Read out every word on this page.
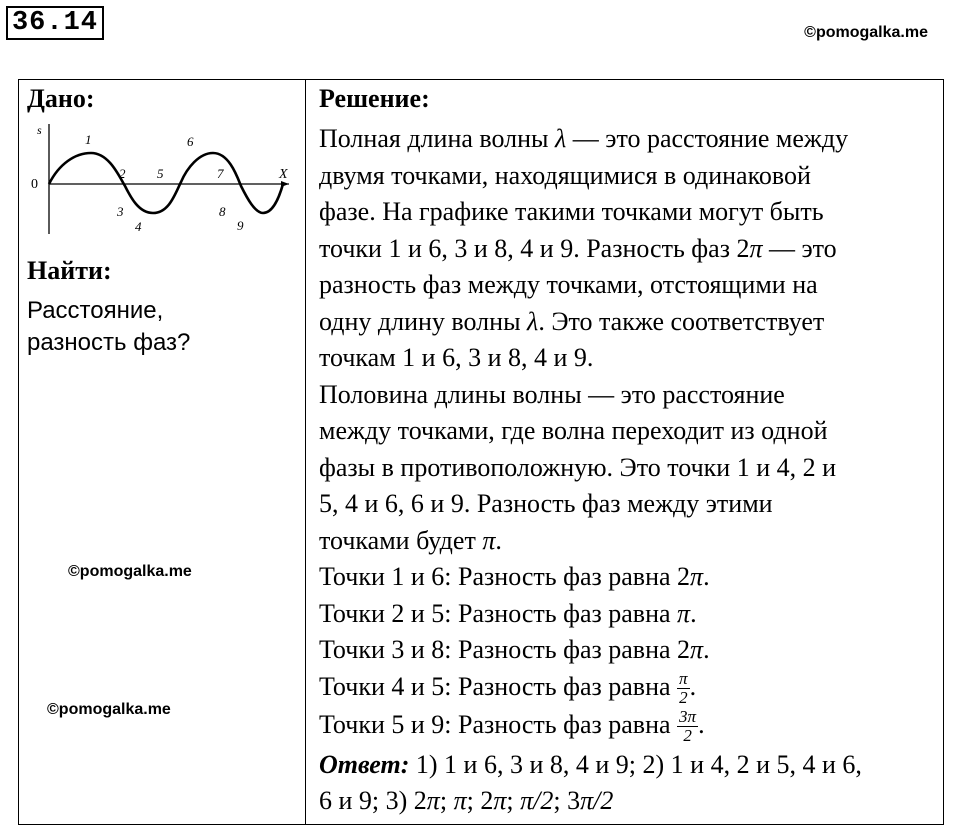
36.14	©pomogalka.me
Дано:
s
X
0
1
2
3
4
5
6
7
8
9
Найти:
Расстояние,
разность фаз?
Решение:
Полная длина волны λ — это расстояние между
двумя точками, находящимися в одинаковой
фазе. На графике такими точками могут быть
точки 1 и 6, 3 и 8, 4 и 9. Разность фаз 2π — это
разность фаз между точками, отстоящими на
одну длину волны λ. Это также соответствует
точкам 1 и 6, 3 и 8, 4 и 9.
Половина длины волны — это расстояние
между точками, где волна переходит из одной
фазы в противоположную. Это точки 1 и 4, 2 и
5, 4 и 6, 6 и 9. Разность фаз между этими
точками будет π.
Точки 1 и 6: Разность фаз равна 2π.
Точки 2 и 5: Разность фаз равна π.
Точки 3 и 8: Разность фаз равна 2π.
Точки 4 и 5: Разность фаз равна $\frac{\pi}{2}$ .
Точки 5 и 9: Разность фаз равна $\frac{3\pi}{2}$ .
Ответ: 1) 1 и 6, 3 и 8, 4 и 9; 2) 1 и 4, 2 и 5, 4 и 6,
6 и 9; 3) 2π; π; 2π; π/2; 3π/2
©pomogalka.me
©pomogalka.me
